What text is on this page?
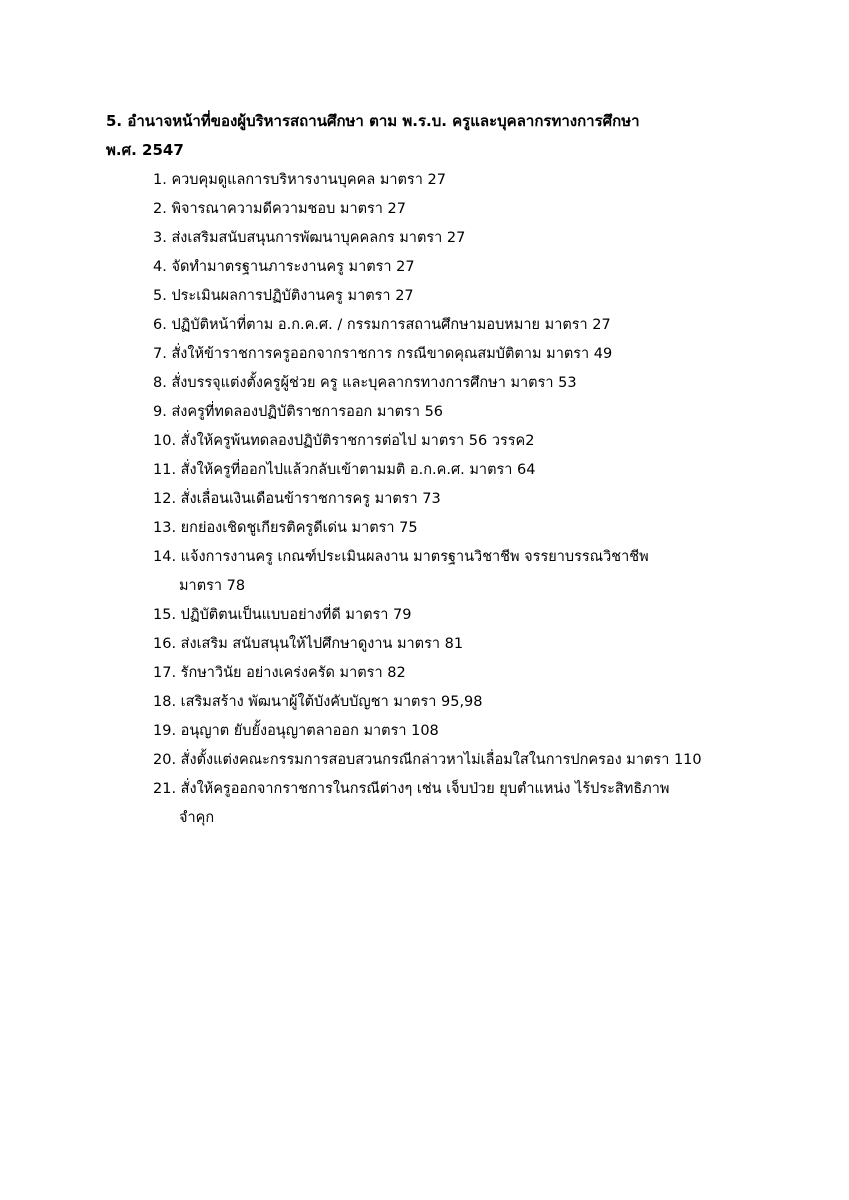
5. อำนาจหน้าที่ของผู้บริหารสถานศึกษา ตาม พ.ร.บ. ครูและบุคลากรทางการศึกษา
พ.ศ. 2547
1. ควบคุมดูแลการบริหารงานบุคคล มาตรา 27
2. พิจารณาความดีความชอบ มาตรา 27
3. ส่งเสริมสนับสนุนการพัฒนาบุคคลกร มาตรา 27
4. จัดทำมาตรฐานภาระงานครู มาตรา 27
5. ประเมินผลการปฏิบัติงานครู มาตรา 27
6. ปฏิบัติหน้าที่ตาม อ.ก.ค.ศ. / กรรมการสถานศึกษามอบหมาย มาตรา 27
7. สั่งให้ข้าราชการครูออกจากราชการ กรณีขาดคุณสมบัติตาม มาตรา 49
8. สั่งบรรจุแต่งตั้งครูผู้ช่วย ครู และบุคลากรทางการศึกษา มาตรา 53
9. ส่งครูที่ทดลองปฏิบัติราชการออก มาตรา 56
10. สั่งให้ครูพ้นทดลองปฏิบัติราชการต่อไป มาตรา 56 วรรค2
11. สั่งให้ครูที่ออกไปแล้วกลับเข้าตามมติ อ.ก.ค.ศ. มาตรา 64
12. สั่งเลื่อนเงินเดือนข้าราชการครู มาตรา 73
13. ยกย่องเชิดชูเกียรติครูดีเด่น มาตรา 75
14. แจ้งการงานครู เกณฑ์ประเมินผลงาน มาตรฐานวิชาชีพ จรรยาบรรณวิชาชีพ
มาตรา 78
15. ปฏิบัติตนเป็นแบบอย่างที่ดี มาตรา 79
16. ส่งเสริม สนับสนุนให้ไปศึกษาดูงาน มาตรา 81
17. รักษาวินัย อย่างเคร่งครัด มาตรา 82
18. เสริมสร้าง พัฒนาผู้ใต้บังคับบัญชา มาตรา 95,98
19. อนุญาต ยับยั้งอนุญาตลาออก มาตรา 108
20. สั่งตั้งแต่งคณะกรรมการสอบสวนกรณีกล่าวหาไม่เลื่อมใสในการปกครอง มาตรา 110
21. สั่งให้ครูออกจากราชการในกรณีต่างๆ เช่น เจ็บป่วย ยุบตำแหน่ง ไร้ประสิทธิภาพ
จำคุก
